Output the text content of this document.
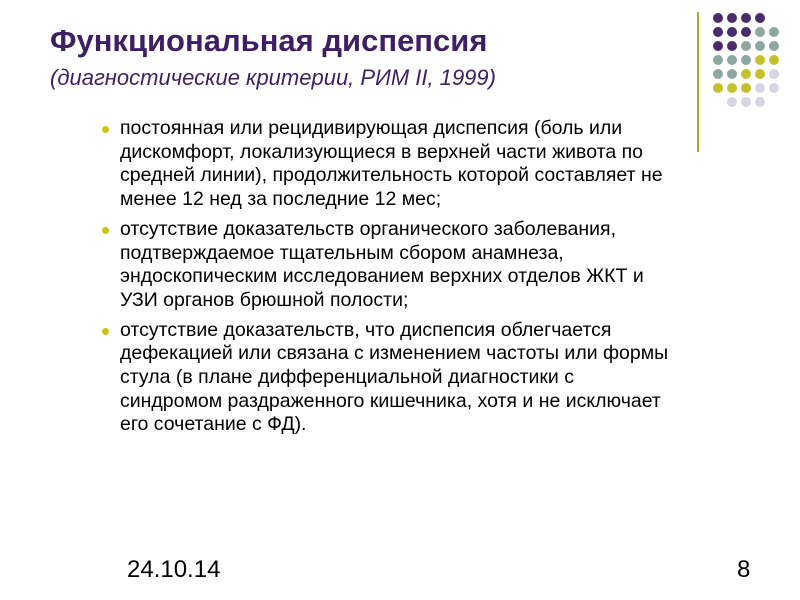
Функциональная диспепсия

(диагностические критерии, РИМ II, 1999)

постоянная или рецидивирующая диспепсия (боль или дискомфорт, локализующиеся в верхней части живота по средней линии), продолжительность которой составляет не менее 12 нед за последние 12 мес;
отсутствие доказательств органического заболевания, подтверждаемое тщательным сбором анамнеза, эндоскопическим исследованием верхних отделов ЖКТ и УЗИ органов брюшной полости;
отсутствие доказательств, что диспепсия облегчается дефекацией или связана с изменением частоты или формы стула (в плане дифференциальной диагностики с синдромом раздраженного кишечника, хотя и не исключает его сочетание с ФД).
24.10.14	8
